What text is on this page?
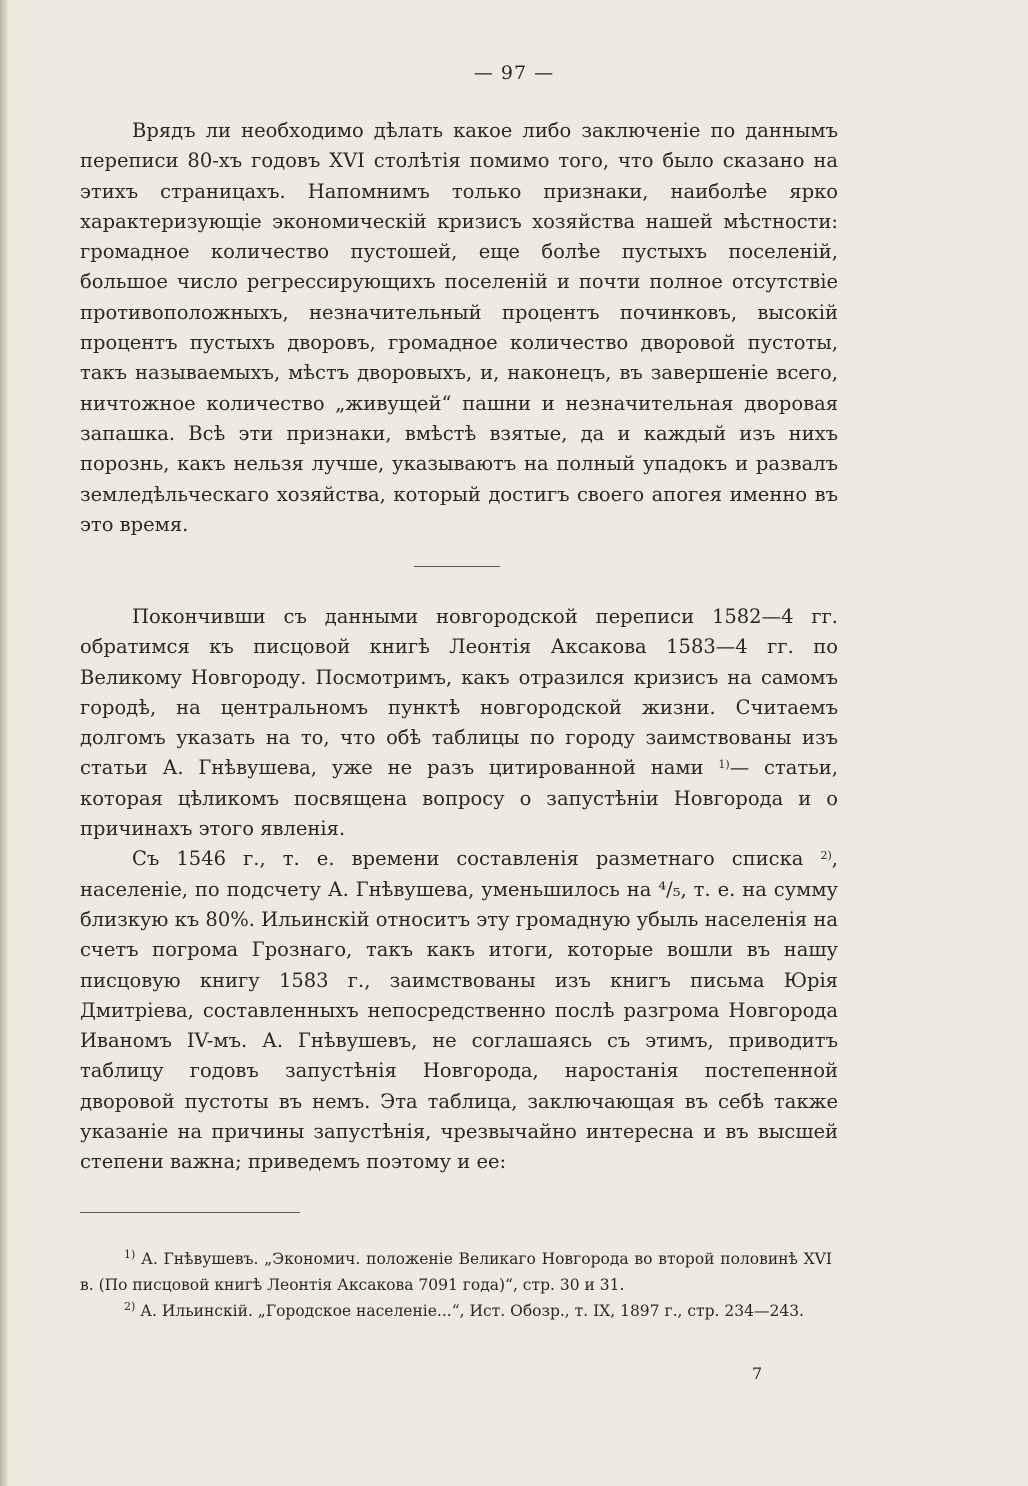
— 97 —

Врядъ ли необходимо дѣлать какое либо заключеніе по даннымъ переписи 80-хъ годовъ XVI столѣтія помимо того, что было сказано на этихъ страницахъ. Напомнимъ только признаки, наиболѣе ярко характеризующіе экономическій кризисъ хозяйства нашей мѣстности: громадное количество пустошей, еще болѣе пустыхъ поселеній, большое число регрессирующихъ поселеній и почти полное отсутствіе противоположныхъ, незначительный процентъ починковъ, высокій процентъ пустыхъ дворовъ, громадное количество дворовой пустоты, такъ называемыхъ, мѣстъ дворовыхъ, и, наконецъ, въ завершеніе всего, ничтожное количество „живущей“ пашни и незначительная дворовая запашка. Всѣ эти признаки, вмѣстѣ взятые, да и каждый изъ нихъ порознь, какъ нельзя лучше, указываютъ на полный упадокъ и развалъ земледѣльческаго хозяйства, который достигъ своего апогея именно въ это время.

Покончивши съ данными новгородской переписи 1582—4 гг. обратимся къ писцовой книгѣ Леонтія Аксакова 1583—4 гг. по Великому Новгороду. Посмотримъ, какъ отразился кризисъ на самомъ городѣ, на центральномъ пунктѣ новгородской жизни. Считаемъ долгомъ указать на то, что обѣ таблицы по городу заимствованы изъ статьи А. Гнѣвушева, уже не разъ цитированной нами $^{1)}$— статьи, которая цѣликомъ посвящена вопросу о запустѣніи Новгорода и о причинахъ этого явленія.

Съ 1546 г., т. е. времени составленія разметнаго списка $^{2)}$, населеніе, по подсчету А. Гнѣвушева, уменьшилось на ⁴/₅, т. е. на сумму близкую къ 80%. Ильинскій относитъ эту громадную убыль населенія на счетъ погрома Грознаго, такъ какъ итоги, которые вошли въ нашу писцовую книгу 1583 г., заимствованы изъ книгъ письма Юрія Дмитріева, составленныхъ непосредственно послѣ разгрома Новгорода Иваномъ IV-мъ. А. Гнѣвушевъ, не соглашаясь съ этимъ, приводитъ таблицу годовъ запустѣнія Новгорода, наростанія постепенной дворовой пустоты въ немъ. Эта таблица, заключающая въ себѣ также указаніе на причины запустѣнія, чрезвычайно интересна и въ высшей степени важна; приведемъ поэтому и ее:

$^{1)}$ А. Гнѣвушевъ. „Экономич. положеніе Великаго Новгорода во второй половинѣ XVI в. (По писцовой книгѣ Леонтія Аксакова 7091 года)“, стр. 30 и 31.

$^{2)}$ А. Ильинскій. „Городское населеніе...“, Ист. Обозр., т. IX, 1897 г., стр. 234—243.

7
